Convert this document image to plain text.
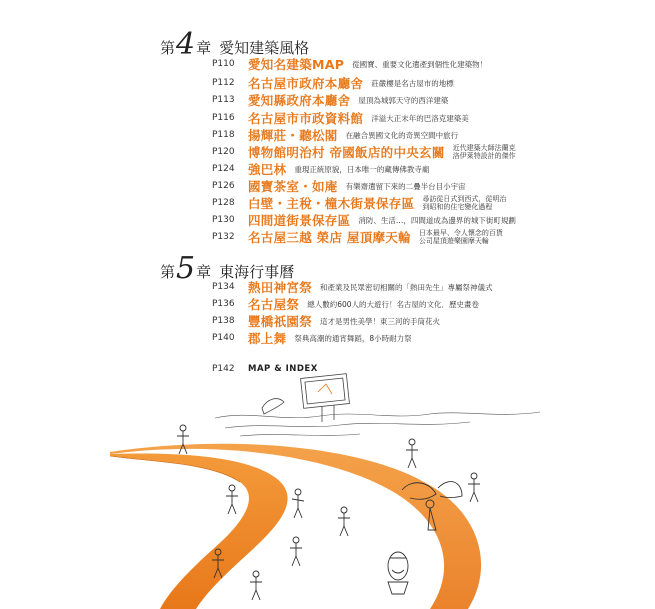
第 4 章 愛知建築風格
P110	愛知名建築MAP 從國寶、重要文化遺產到個性化建築物！
P112	名古屋市政府本廳舍 莊嚴樓是名古屋市的地標
P113	愛知縣政府本廳舍 屋頂為城郭天守的西洋建築
P116	名古屋市市政資料館 洋溢大正末年的巴洛克建築美
P118	揚輝莊・聽松閣 在融合異國文化的奇異空間中旅行
P120	博物館明治村 帝國飯店的中央玄關 近代建築大師法蘭克
洛伊萊特設計的傑作
P124	強巴林 重現正統原貌，日本唯一的藏傳佛教寺廟
P126	國寶茶室・如庵 有樂齋遺留下來的二疊半台目小宇宙
P128	白壁・主稅・橦木街景保存區 尋訪從日式到西式，從明治
到昭和的住宅變化過程
P130	四間道街景保存區 消防、生活…，四間道成為邊界的城下街町規劃
P132	名古屋三越 榮店 屋頂摩天輪 日本最早、令人懷念的百貨
公司屋頂遊樂園摩天輪
第 5 章 東海行事曆
P134	熱田神宮祭 和產業及民眾密切相關的「熱田先生」專屬祭神儀式
P136	名古屋祭 總人數約600人的大遊行！名古屋的文化．歷史畫卷
P138	豐橋祇園祭 這才是男性美學！東三河的手筒花火
P140	郡上舞 祭典高潮的通宵舞蹈，8小時耐力祭
P142	MAP & INDEX
